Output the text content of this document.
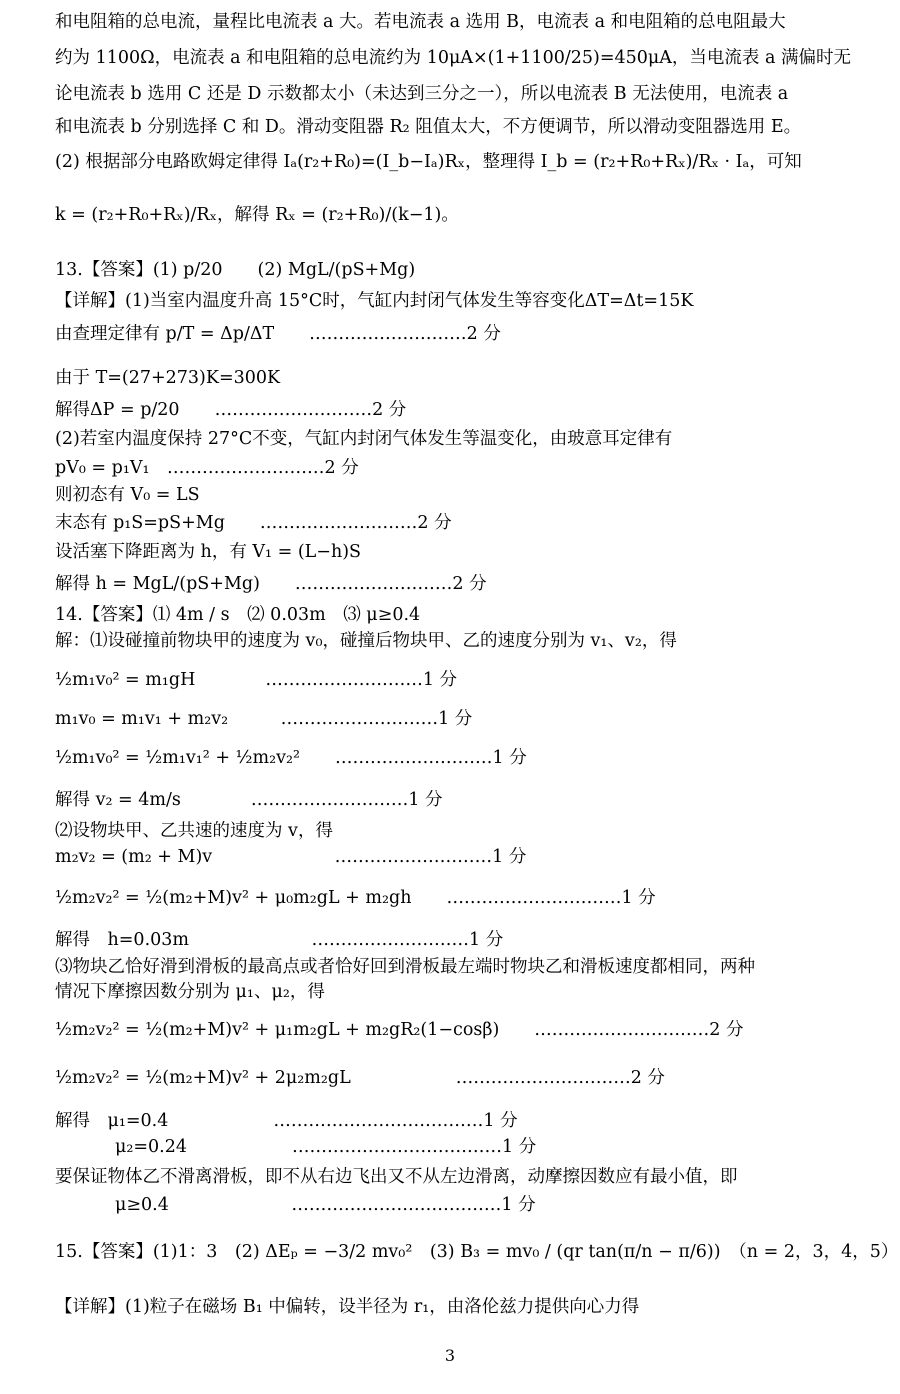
和电阻箱的总电流，量程比电流表 a 大。若电流表 a 选用 B，电流表 a 和电阻箱的总电阻最大
约为 1100Ω，电流表 a 和电阻箱的总电流约为 10μA×(1+1100/25)=450μA，当电流表 a 满偏时无
论电流表 b 选用 C 还是 D 示数都太小（未达到三分之一），所以电流表 B 无法使用，电流表 a
和电流表 b 分别选择 C 和 D。滑动变阻器 R₂ 阻值太大，不方便调节，所以滑动变阻器选用 E。
(2) 根据部分电路欧姆定律得 Iₐ(r₂+R₀)=(I_b−Iₐ)Rₓ，整理得 I_b = (r₂+R₀+Rₓ)/Rₓ · Iₐ，可知
k = (r₂+R₀+Rₓ)/Rₓ，解得 Rₓ = (r₂+R₀)/(k−1)。
13.【答案】(1) p/20　　(2) MgL/(pS+Mg)
【详解】(1)当室内温度升高 15°C时，气缸内封闭气体发生等容变化ΔT=Δt=15K
由查理定律有 p/T = Δp/ΔT　　………………………2 分
由于 T=(27+273)K=300K
解得ΔP = p/20　　………………………2 分
(2)若室内温度保持 27°C不变，气缸内封闭气体发生等温变化，由玻意耳定律有
pV₀ = p₁V₁　………………………2 分
则初态有 V₀ = LS
末态有 p₁S=pS+Mg　　………………………2 分
设活塞下降距离为 h，有 V₁ = (L−h)S
解得 h = MgL/(pS+Mg)　　………………………2 分
14.【答案】⑴ 4m / s　⑵ 0.03m　⑶ μ≥0.4
解：⑴设碰撞前物块甲的速度为 v₀，碰撞后物块甲、乙的速度分别为 v₁、v₂，得
½m₁v₀² = m₁gH　　　　………………………1 分
m₁v₀ = m₁v₁ + m₂v₂　　　………………………1 分
½m₁v₀² = ½m₁v₁² + ½m₂v₂²　　………………………1 分
解得 v₂ = 4m/s　　　　………………………1 分
⑵设物块甲、乙共速的速度为 v，得
m₂v₂ = (m₂ + M)v　　　　　　　………………………1 分
½m₂v₂² = ½(m₂+M)v² + μ₀m₂gL + m₂gh　　…………………………1 分
解得　h=0.03m　　　　　　　………………………1 分
⑶物块乙恰好滑到滑板的最高点或者恰好回到滑板最左端时物块乙和滑板速度都相同，两种
情况下摩擦因数分别为 μ₁、μ₂，得
½m₂v₂² = ½(m₂+M)v² + μ₁m₂gL + m₂gR₂(1−cosβ)　　…………………………2 分
½m₂v₂² = ½(m₂+M)v² + 2μ₂m₂gL　　　　　　…………………………2 分
解得　μ₁=0.4　　　　　　………………………………1 分
μ₂=0.24　　　　　　………………………………1 分
要保证物体乙不滑离滑板，即不从右边飞出又不从左边滑离，动摩擦因数应有最小值，即
μ≥0.4　　　　　　　………………………………1 分
15.【答案】(1)1：3　(2) ΔEₚ = −3/2 mv₀²　(3) B₃ = mv₀ / (qr tan(π/n − π/6))　（n = 2，3，4，5）
【详解】(1)粒子在磁场 B₁ 中偏转，设半径为 r₁，由洛伦兹力提供向心力得
3
